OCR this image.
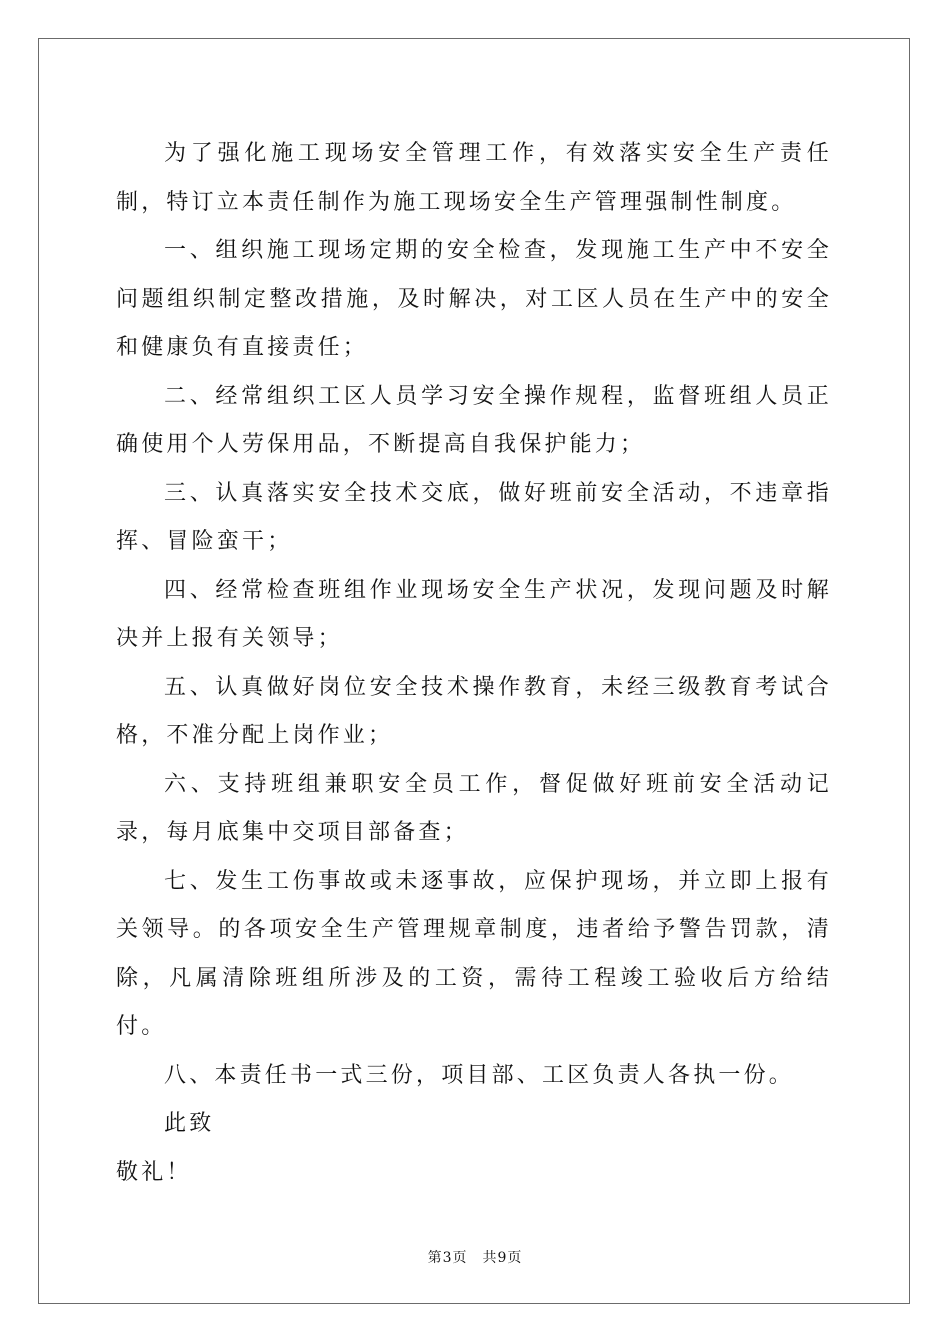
为了强化施工现场安全管理工作，有效落实安全生产责任制，特订立本责任制作为施工现场安全生产管理强制性制度。

一、组织施工现场定期的安全检查，发现施工生产中不安全问题组织制定整改措施，及时解决，对工区人员在生产中的安全和健康负有直接责任；

二、经常组织工区人员学习安全操作规程，监督班组人员正确使用个人劳保用品，不断提高自我保护能力；

三、认真落实安全技术交底，做好班前安全活动，不违章指挥、冒险蛮干；

四、经常检查班组作业现场安全生产状况，发现问题及时解决并上报有关领导；

五、认真做好岗位安全技术操作教育，未经三级教育考试合格，不准分配上岗作业；

六、支持班组兼职安全员工作，督促做好班前安全活动记录，每月底集中交项目部备查；

七、发生工伤事故或未逐事故，应保护现场，并立即上报有关领导。的各项安全生产管理规章制度，违者给予警告罚款，清除，凡属清除班组所涉及的工资，需待工程竣工验收后方给结付。

八、本责任书一式三份，项目部、工区负责人各执一份。

此致

敬礼！

第3页　共9页
